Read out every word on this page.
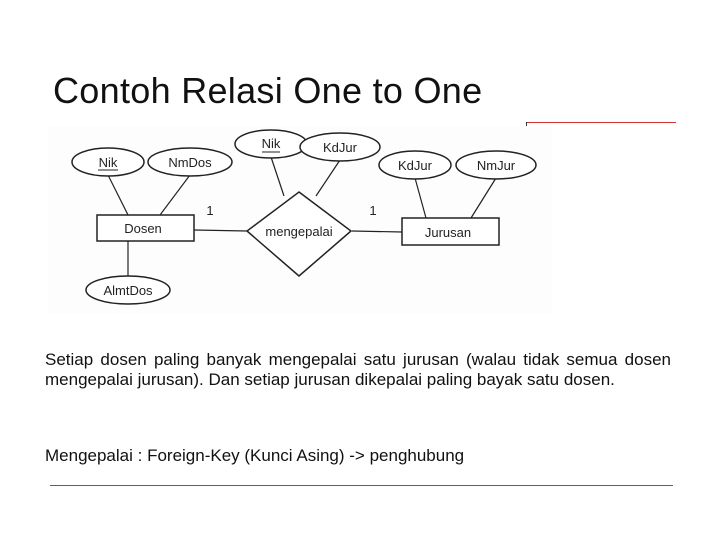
Contoh Relasi One to One
Nik	NmDos
AlmtDos
Nik	KdJur
KdJur	NmJur
Dosen	Jurusan
mengepalai
1	1
Setiap dosen paling banyak mengepalai satu jurusan (walau tidak semua dosen mengepalai jurusan). Dan setiap jurusan dikepalai paling bayak satu dosen.
Mengepalai : Foreign-Key (Kunci Asing) -> penghubung
